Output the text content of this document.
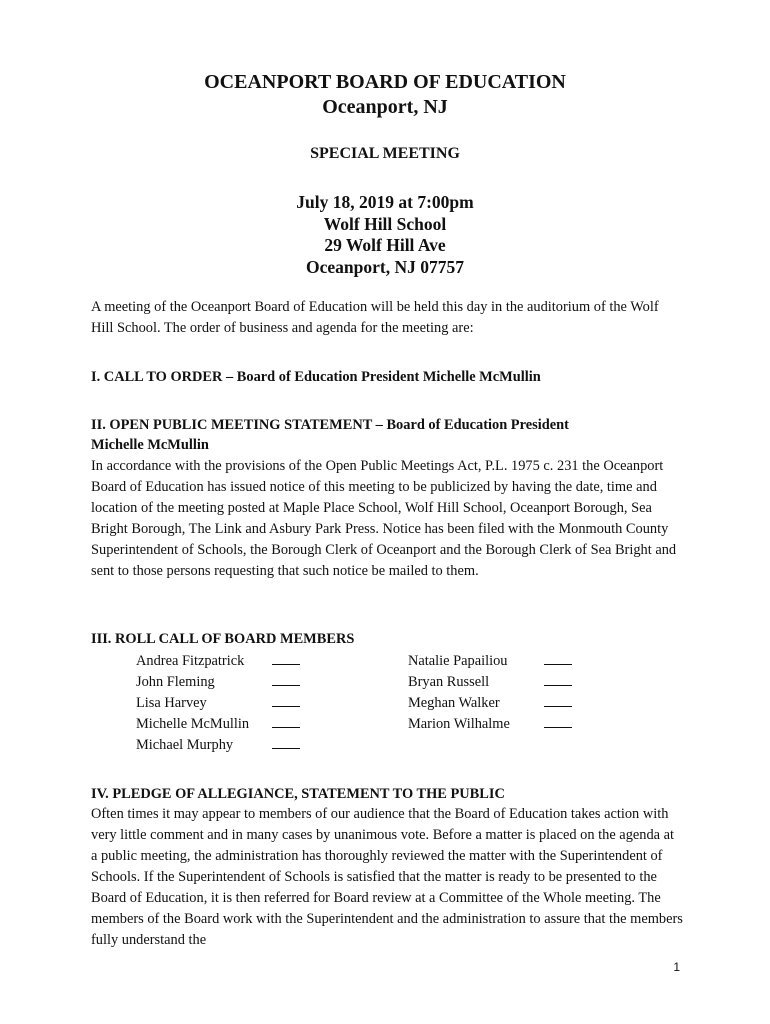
OCEANPORT BOARD OF EDUCATION
Oceanport, NJ
SPECIAL MEETING
July 18, 2019 at 7:00pm
Wolf Hill School
29 Wolf Hill Ave
Oceanport, NJ 07757

A meeting of the Oceanport Board of Education will be held this day in the auditorium of the Wolf Hill School. The order of business and agenda for the meeting are:

I. CALL TO ORDER – Board of Education President Michelle McMullin

II. OPEN PUBLIC MEETING STATEMENT – Board of Education President
Michelle McMullin

In accordance with the provisions of the Open Public Meetings Act, P.L. 1975 c. 231 the Oceanport Board of Education has issued notice of this meeting to be publicized by having the date, time and location of the meeting posted at Maple Place School, Wolf Hill School, Oceanport Borough, Sea Bright Borough, The Link and Asbury Park Press. Notice has been filed with the Monmouth County Superintendent of Schools, the Borough Clerk of Oceanport and the Borough Clerk of Sea Bright and sent to those persons requesting that such notice be mailed to them.

III. ROLL CALL OF BOARD MEMBERS

Andrea Fitzpatrick
John Fleming
Lisa Harvey
Michelle McMullin
Michael Murphy
Natalie Papailiou
Bryan Russell
Meghan Walker
Marion Wilhalme

IV. PLEDGE OF ALLEGIANCE, STATEMENT TO THE PUBLIC

Often times it may appear to members of our audience that the Board of Education takes action with very little comment and in many cases by unanimous vote. Before a matter is placed on the agenda at a public meeting, the administration has thoroughly reviewed the matter with the Superintendent of Schools. If the Superintendent of Schools is satisfied that the matter is ready to be presented to the Board of Education, it is then referred for Board review at a Committee of the Whole meeting. The members of the Board work with the Superintendent and the administration to assure that the members fully understand the

1
